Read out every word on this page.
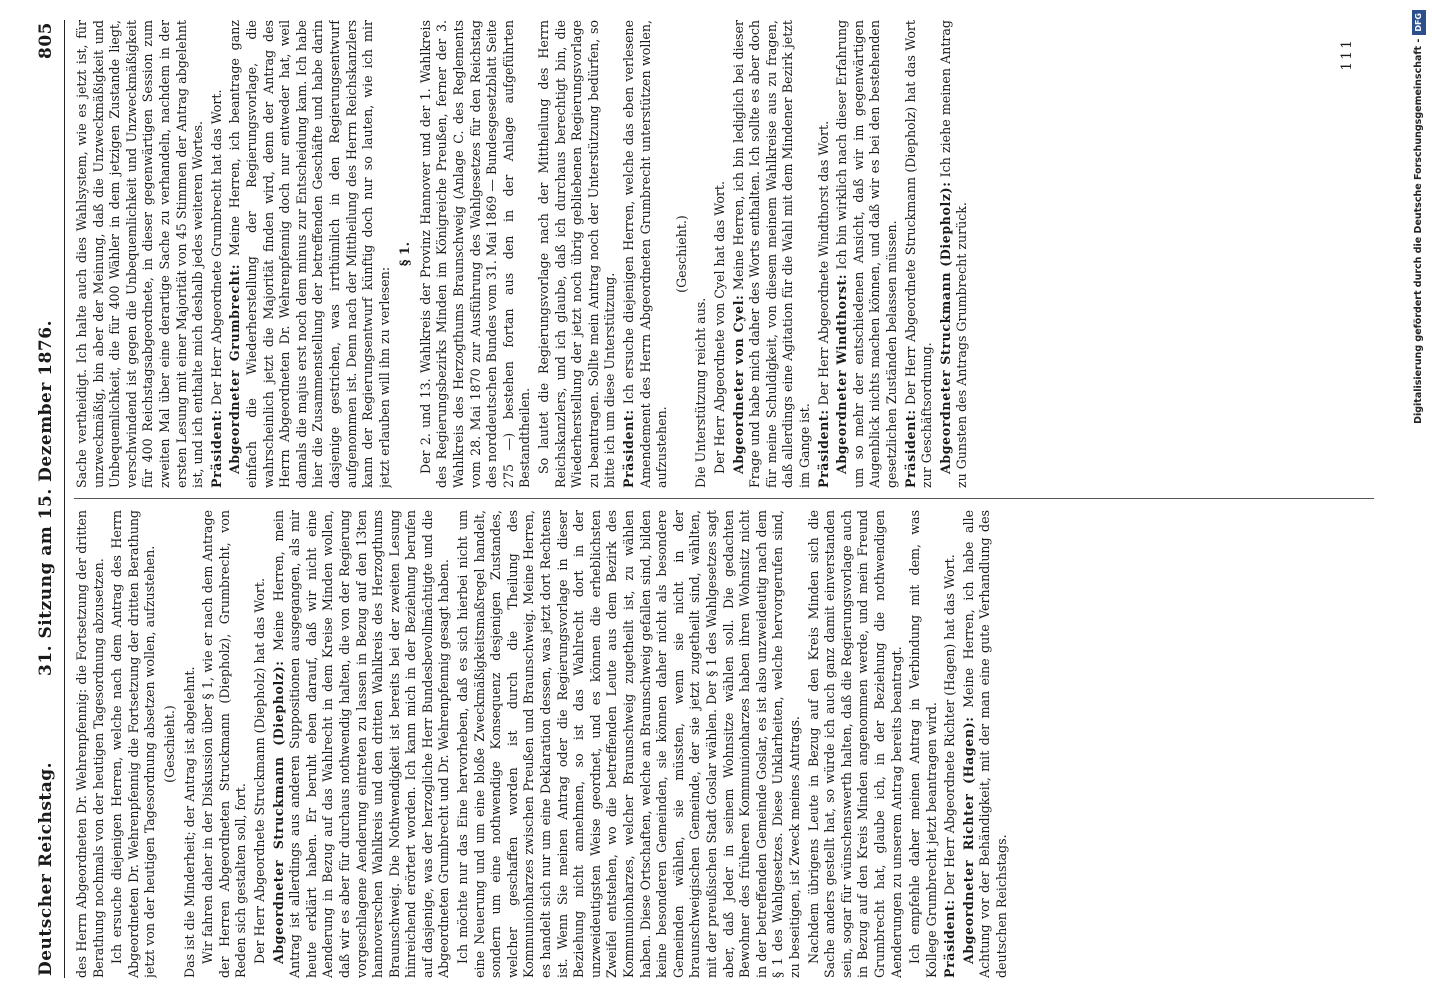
Deutscher Reichstag.
31. Sitzung am 15. Dezember 1876.
805

des Herrn Abgeordneten Dr. Wehrenpfennig: die Fortsetzung der dritten Berathung nochmals von der heutigen Tagesordnung abzusetzen. Ich ersuche diejenigen Herren, welche nach dem Antrag des Herrn Abgeordneten Dr. Wehrenpfennig die Fortsetzung der dritten Berathung jetzt von der heutigen Tagesordnung absetzen wollen, aufzustehen. (Geschieht.) Das ist die Minderheit; der Antrag ist abgelehnt. Wir fahren daher in der Diskussion über § 1, wie er nach dem Antrage der Herren Abgeordneten Struckmann (Diepholz), Grumbrecht, von Reden sich gestalten soll, fort. Der Herr Abgeordnete Struckmann (Diepholz) hat das Wort. Abgeordneter Struckmann (Diepholz): Meine Herren, mein Antrag ist allerdings aus anderen Suppositionen ausgegangen, als mir heute erklärt haben. Er beruht eben darauf, daß wir nicht eine Aenderung in Bezug auf das Wahlrecht in dem Kreise Minden wollen, daß wir es aber für durchaus nothwendig halten, die von der Regierung vorgeschlagene Aenderung eintreten zu lassen in Bezug auf den 13ten hannoverschen Wahlkreis und den dritten Wahlkreis des Herzogthums Braunschweig. Die Nothwendigkeit ist bereits bei der zweiten Lesung hinreichend erörtert worden. Ich kann mich in der Beziehung berufen auf dasjenige, was der herzogliche Herr Bundesbevollmächtigte und die Abgeordneten Grumbrecht und Dr. Wehrenpfennig gesagt haben. Ich möchte nur das Eine hervorheben, daß es sich hierbei nicht um eine Neuerung und um eine bloße Zweckmäßigkeitsmaßregel handelt, sondern um eine nothwendige Konsequenz desjenigen Zustandes, welcher geschaffen worden ist durch die Theilung des Kommunionharzes zwischen Preußen und Braunschweig. Meine Herren, es handelt sich nur um eine Deklaration dessen, was jetzt dort Rechtens ist. Wenn Sie meinen Antrag oder die Regierungsvorlage in dieser Beziehung nicht annehmen, so ist das Wahlrecht dort in der unzweideutigsten Weise geordnet, und es können die erheblichsten Zweifel entstehen, wo die betreffenden Leute aus dem Bezirk des Kommunionharzes, welcher Braunschweig zugetheilt ist, zu wählen haben. Diese Ortschaften, welche an Braunschweig gefallen sind, bilden keine besonderen Gemeinden, sie können daher nicht als besondere Gemeinden wählen, sie müssten, wenn sie nicht in der braunschweigischen Gemeinde, der sie jetzt zugetheilt sind, wählten, mit der preußischen Stadt Goslar wählen. Der § 1 des Wahlgesetzes sagt aber, daß Jeder in seinem Wohnsitze wählen soll. Die gedachten Bewohner des früheren Kommunionharzes haben ihren Wohnsitz nicht in der betreffenden Gemeinde Goslar, es ist also unzweideutig nach dem § 1 des Wahlgesetzes. Diese Unklarheiten, welche hervorgerufen sind, zu beseitigen, ist Zweck meines Antrags. Nachdem übrigens Leute in Bezug auf den Kreis Minden sich die Sache anders gestellt hat, so würde ich auch ganz damit einverstanden sein, sogar für wünschenswerth halten, daß die Regierungsvorlage auch in Bezug auf den Kreis Minden angenommen werde, und mein Freund Grumbrecht hat, glaube ich, in der Beziehung die nothwendigen Aenderungen zu unserem Antrag bereits beantragt. Ich empfehle daher meinen Antrag in Verbindung mit dem, was Kollege Grumbrecht jetzt beantragen wird. Präsident: Der Herr Abgeordnete Richter (Hagen) hat das Wort. Abgeordneter Richter (Hagen): Meine Herren, ich habe alle Achtung vor der Behändigkeit, mit der man eine gute Verhandlung des deutschen Reichstags.

Sache vertheidigt. Ich halte auch dies Wahlsystem, wie es jetzt ist, für unzweckmäßig, bin aber der Meinung, daß die Unzweckmäßigkeit und Unbequemlichkeit, die für 400 Wähler in dem jetzigen Zustande liegt, verschwindend ist gegen die Unbequemlichkeit und Unzweckmäßigkeit für 400 Reichstagsabgeordnete, in dieser gegenwärtigen Session zum zweiten Mal über eine derartige Sache zu verhandeln, nachdem in der ersten Lesung mit einer Majorität von 45 Stimmen der Antrag abgelehnt ist, und ich enthalte mich deshalb jedes weiteren Wortes. Präsident: Der Herr Abgeordnete Grumbrecht hat das Wort. Abgeordneter Grumbrecht: Meine Herren, ich beantrage ganz einfach die Wiederherstellung der Regierungsvorlage, die wahrscheinlich jetzt die Majorität finden wird, denn der Antrag des Herrn Abgeordneten Dr. Wehrenpfennig doch nur entweder hat, weil damals die majus erst noch dem minus zur Entscheidung kam. Ich habe hier die Zusammenstellung der betreffenden Geschäfte und habe darin dasjenige gestrichen, was irrthümlich in den Regierungsentwurf aufgenommen ist. Denn nach der Mittheilung des Herrn Reichskanzlers kann der Regierungsentwurf künftig doch nur so lauten, wie ich mir jetzt erlauben will ihn zu verlesen:

§ 1. Der 2. und 13. Wahlkreis der Provinz Hannover und der 1. Wahlkreis des Regierungsbezirks Minden im Königreiche Preußen, ferner der 3. Wahlkreis des Herzogthums Braunschweig (Anlage C. des Reglements vom 28. Mai 1870 zur Ausführung des Wahlgesetzes für den Reichstag des norddeutschen Bundes vom 31. Mai 1869 — Bundesgesetzblatt Seite 275 —) bestehen fortan aus den in der Anlage aufgeführten Bestandtheilen. So lautet die Regierungsvorlage nach der Mittheilung des Herrn Reichskanzlers, und ich glaube, daß ich durchaus berechtigt bin, die Wiederherstellung der jetzt noch übrig gebliebenen Regierungsvorlage zu beantragen. Sollte mein Antrag noch der Unterstützung bedürfen, so bitte ich um diese Unterstützung. Präsident: Ich ersuche diejenigen Herren, welche das eben verlesene Amendement des Herrn Abgeordneten Grumbrecht unterstützen wollen, aufzustehen.

(Geschieht.)

Die Unterstützung reicht aus. Der Herr Abgeordnete von Cyel hat das Wort. Abgeordneter von Cyel: Meine Herren, ich bin lediglich bei dieser Frage und habe mich daher des Worts enthalten. Ich sollte es aber doch für meine Schuldigkeit, von diesem meinem Wahlkreise aus zu fragen, daß allerdings eine Agitation für die Wahl mit dem Mindener Bezirk jetzt im Gange ist. Präsident: Der Herr Abgeordnete Windthorst das Wort. Abgeordneter Windthorst: Ich bin wirklich nach dieser Erfahrung um so mehr der entschiedenen Ansicht, daß wir im gegenwärtigen Augenblick nichts machen können, und daß wir es bei den bestehenden gesetzlichen Zuständen belassen müssen. Präsident: Der Herr Abgeordnete Struckmann (Diepholz) hat das Wort zur Geschäftsordnung. Abgeordneter Struckmann (Diepholz): Ich ziehe meinen Antrag zu Gunsten des Antrags Grumbrecht zurück.

111	Digitalisierung gefördert durch die Deutsche Forschungsgemeinschaft -DFG
